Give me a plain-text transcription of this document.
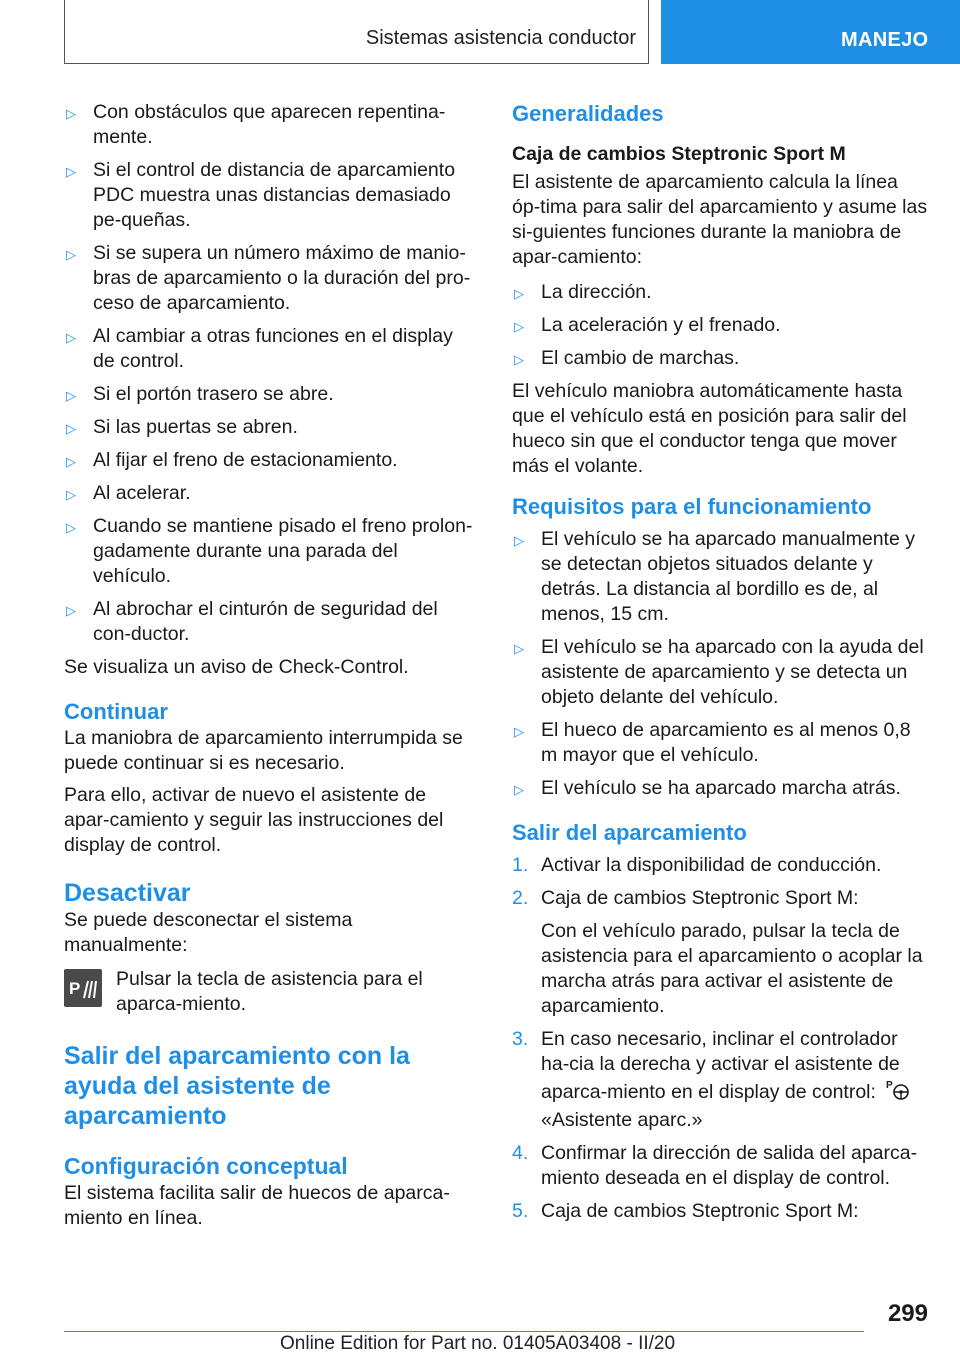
Sistemas asistencia conductor	MANEJO
▷ Con obstáculos que aparecen repentina-mente.
▷ Si el control de distancia de aparcamiento PDC muestra unas distancias demasiado pe-queñas.
▷ Si se supera un número máximo de manio-bras de aparcamiento o la duración del pro-ceso de aparcamiento.
▷ Al cambiar a otras funciones en el display de control.
▷ Si el portón trasero se abre.
▷ Si las puertas se abren.
▷ Al fijar el freno de estacionamiento.
▷ Al acelerar.
▷ Cuando se mantiene pisado el freno prolon-gadamente durante una parada del vehículo.
▷ Al abrochar el cinturón de seguridad del con-ductor.

Se visualiza un aviso de Check-Control.

Continuar

La maniobra de aparcamiento interrumpida se puede continuar si es necesario.

Para ello, activar de nuevo el asistente de apar-camiento y seguir las instrucciones del display de control.

Desactivar

Se puede desconectar el sistema manualmente:

P Pulsar la tecla de asistencia para el aparca-miento.

Salir del aparcamiento con la ayuda del asistente de aparcamiento
Configuración conceptual

El sistema facilita salir de huecos de aparca-miento en línea.

Generalidades

Caja de cambios Steptronic Sport M

El asistente de aparcamiento calcula la línea óp-tima para salir del aparcamiento y asume las si-guientes funciones durante la maniobra de apar-camiento:

▷ La dirección.
▷ La aceleración y el frenado.
▷ El cambio de marchas.

El vehículo maniobra automáticamente hasta que el vehículo está en posición para salir del hueco sin que el conductor tenga que mover más el volante.

Requisitos para el funcionamiento
▷ El vehículo se ha aparcado manualmente y se detectan objetos situados delante y detrás. La distancia al bordillo es de, al menos, 15 cm.
▷ El vehículo se ha aparcado con la ayuda del asistente de aparcamiento y se detecta un objeto delante del vehículo.
▷ El hueco de aparcamiento es al menos 0,8 m mayor que el vehículo.
▷ El vehículo se ha aparcado marcha atrás.
Salir del aparcamiento
1. Activar la disponibilidad de conducción.
2. Caja de cambios Steptronic Sport M:
Con el vehículo parado, pulsar la tecla de asistencia para el aparcamiento o acoplar la marcha atrás para activar el asistente de aparcamiento.
3. En caso necesario, inclinar el controlador ha-cia la derecha y activar el asistente de aparca-miento en el display de control: P
«Asistente aparc.»
4. Confirmar la dirección de salida del aparca-miento deseada en el display de control.
5. Caja de cambios Steptronic Sport M:
299
Online Edition for Part no. 01405A03408 - II/20
